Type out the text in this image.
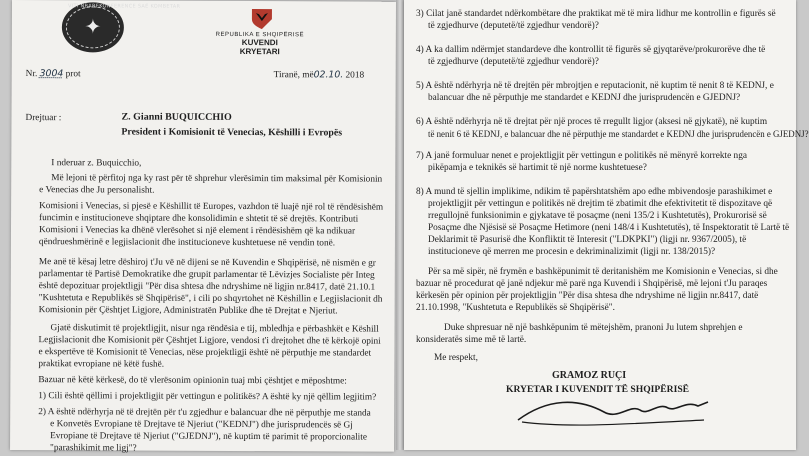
✦
VITI NBAREKONFERENCE SAË KOMBETAR
REPUBLIKA E SHQIPËRISË
KUVENDI
KRYETARI
Nr. 3004 prot	Tiranë, më02.10. 2018
Drejtuar :	Z. Gianni BUQUICCHIO
President i Komisionit të Venecias, Këshilli i Evropës
I nderuar z. Buquicchio,
Më lejoni të përfitoj nga ky rast për të shprehur vlerësimin tim maksimal për Komisionin
e Venecias dhe Ju personalisht.
Komisioni i Venecias, si pjesë e Këshillit të Europes, vazhdon të luajë një rol të rëndësishëm
funcimin e institucioneve shqiptare dhe konsolidimin e shtetit të së drejtës. Kontributi
Komisioni i Venecias ka dhënë vlerësohet si një element i rëndësishëm që ka ndikuar
qëndrueshmërinë e legjislacionit dhe institucioneve kushtetuese në vendin tonë.
Me anë të kësaj letre dëshiroj t'Ju vë në dijeni se në Kuvendin e Shqipërisë, në nismën e gr
parlamentar të Partisë Demokratike dhe grupit parlamentar të Lëvizjes Socialiste për Integ
është depozituar projektligji "Për disa shtesa dhe ndryshime në ligjin nr.8417, datë 21.10.1
"Kushtetuta e Republikës së Shqipërisë", i cili po shqyrtohet në Këshillin e Legjislacionit dh
Komisionin për Çështjet Ligjore, Administratën Publike dhe të Drejtat e Njeriut.
Gjatë diskutimit të projektligjit, nisur nga rëndësia e tij, mbledhja e përbashkët e Këshill
Legjislacionit dhe Komisionit për Çështjet Ligjore, vendosi t'i drejtohet dhe të kërkojë opini
e ekspertëve të Komisionit të Venecias, nëse projektligji është në përputhje me standardet
praktikat evropiane në këtë fushë.
Bazuar në këtë kërkesë, do të vlerësonim opinionin tuaj mbi çështjet e mëposhtme:
1) Cili është qëllimi i projektligjit për vettingun e politikës? A është ky një qëllim legjitim?
2) A është ndërhyrja në të drejtën për t'u zgjedhur e balancuar dhe në përputhje me standa
e Konvetës Evropiane të Drejtave të Njeriut ("KEDNJ") dhe jurisprudencës së Gj
Evropiane të Drejtave të Njeriut ("GJEDNJ"), në kuptim të parimit të proporcionalite
"parashikimit me ligj"?
3) Cilat janë standardet ndërkombëtare dhe praktikat më të mira lidhur me kontrollin e figurës së
të zgjedhurve (deputetë/të zgjedhur vendorë)?
4) A ka dallim ndërmjet standardeve dhe kontrollit të figurës së gjyqtarëve/prokurorëve dhe të
të zgjedhurve (deputetë/të zgjedhur vendorë)?
5) A është ndërhyrja në të drejtën për mbrojtjen e reputacionit, në kuptim të nenit 8 të KEDNJ, e
balancuar dhe në përputhje me standardet e KEDNJ dhe jurisprudencën e GJEDNJ?
6) A është ndërhyrja në të drejtat për një proces të rregullt ligjor (aksesi në gjykatë), në kuptim
të nenit 6 të KEDNJ, e balancuar dhe në përputhje me standardet e KEDNJ dhe jurisprudencën e GJEDNJ?
7) A janë formuluar nenet e projektligjit për vettingun e politikës në mënyrë korrekte nga
pikëpamja e teknikës së hartimit të një norme kushtetuese?
8) A mund të sjellin implikime, ndikim të papërshtatshëm apo edhe mbivendosje parashikimet e
projektligjit për vettingun e politikës në drejtim të zbatimit dhe efektivitetit të dispozitave që
rregullojnë funksionimin e gjykatave të posaçme (neni 135/2 i Kushtetutës), Prokurorisë së
Posaçme dhe Njësisë së Posaçme Hetimore (neni 148/4 i Kushtetutës), të Inspektoratit të Lartë të
Deklarimit të Pasurisë dhe Konfliktit të Interesit ("LDKPKI") (ligji nr. 9367/2005), të
institucioneve që merren me procesin e dekriminalizimit (ligji nr. 138/2015)?
Për sa më sipër, në frymën e bashkëpunimit të deritanishëm me Komisionin e Venecias, si dhe
bazuar në procedurat që janë ndjekur më parë nga Kuvendi i Shqipërisë, më lejoni t'Ju paraqes
kërkesën për opinion për projektligjin "Për disa shtesa dhe ndryshime në ligjin nr.8417, datë
21.10.1998, "Kushtetuta e Republikës së Shqipërisë".
Duke shpresuar në një bashkëpunim të mëtejshëm, pranoni Ju lutem shprehjen e
konsideratës sime më të lartë.
Me respekt,
GRAMOZ RUÇI
KRYETAR I KUVENDIT TË SHQIPËRISË
